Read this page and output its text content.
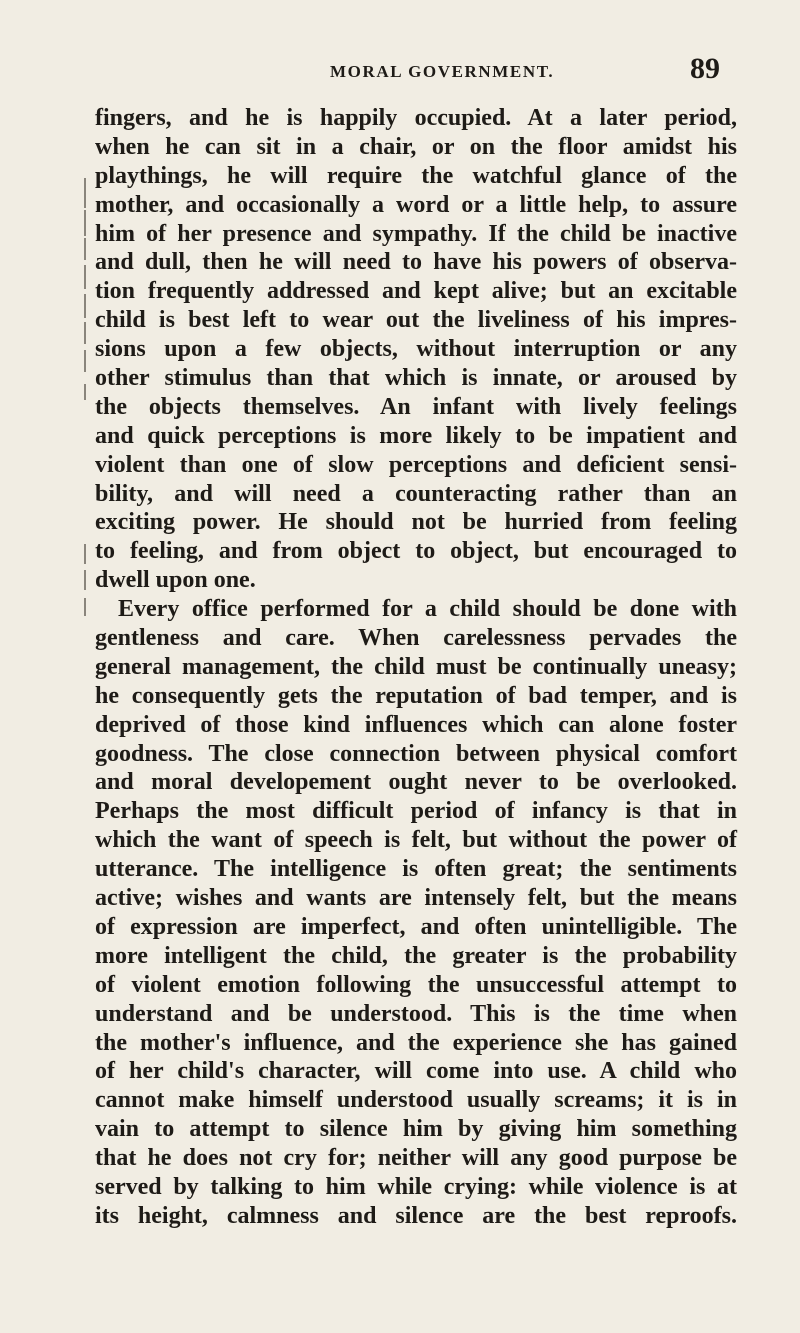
MORAL GOVERNMENT.	89
fingers, and he is happily occupied. At a later period,
when he can sit in a chair, or on the floor amidst his
playthings, he will require the watchful glance of the
mother, and occasionally a word or a little help, to assure
him of her presence and sympathy. If the child be inactive
and dull, then he will need to have his powers of observa-
tion frequently addressed and kept alive; but an excitable
child is best left to wear out the liveliness of his impres-
sions upon a few objects, without interruption or any
other stimulus than that which is innate, or aroused by
the objects themselves. An infant with lively feelings
and quick perceptions is more likely to be impatient and
violent than one of slow perceptions and deficient sensi-
bility, and will need a counteracting rather than an
exciting power. He should not be hurried from feeling
to feeling, and from object to object, but encouraged to
dwell upon one.
Every office performed for a child should be done with
gentleness and care. When carelessness pervades the
general management, the child must be continually uneasy;
he consequently gets the reputation of bad temper, and is
deprived of those kind influences which can alone foster
goodness. The close connection between physical comfort
and moral developement ought never to be overlooked.
Perhaps the most difficult period of infancy is that in
which the want of speech is felt, but without the power of
utterance. The intelligence is often great; the sentiments
active; wishes and wants are intensely felt, but the means
of expression are imperfect, and often unintelligible. The
more intelligent the child, the greater is the probability
of violent emotion following the unsuccessful attempt to
understand and be understood. This is the time when
the mother's influence, and the experience she has gained
of her child's character, will come into use. A child who
cannot make himself understood usually screams; it is in
vain to attempt to silence him by giving him something
that he does not cry for; neither will any good purpose be
served by talking to him while crying: while violence is at
its height, calmness and silence are the best reproofs.
